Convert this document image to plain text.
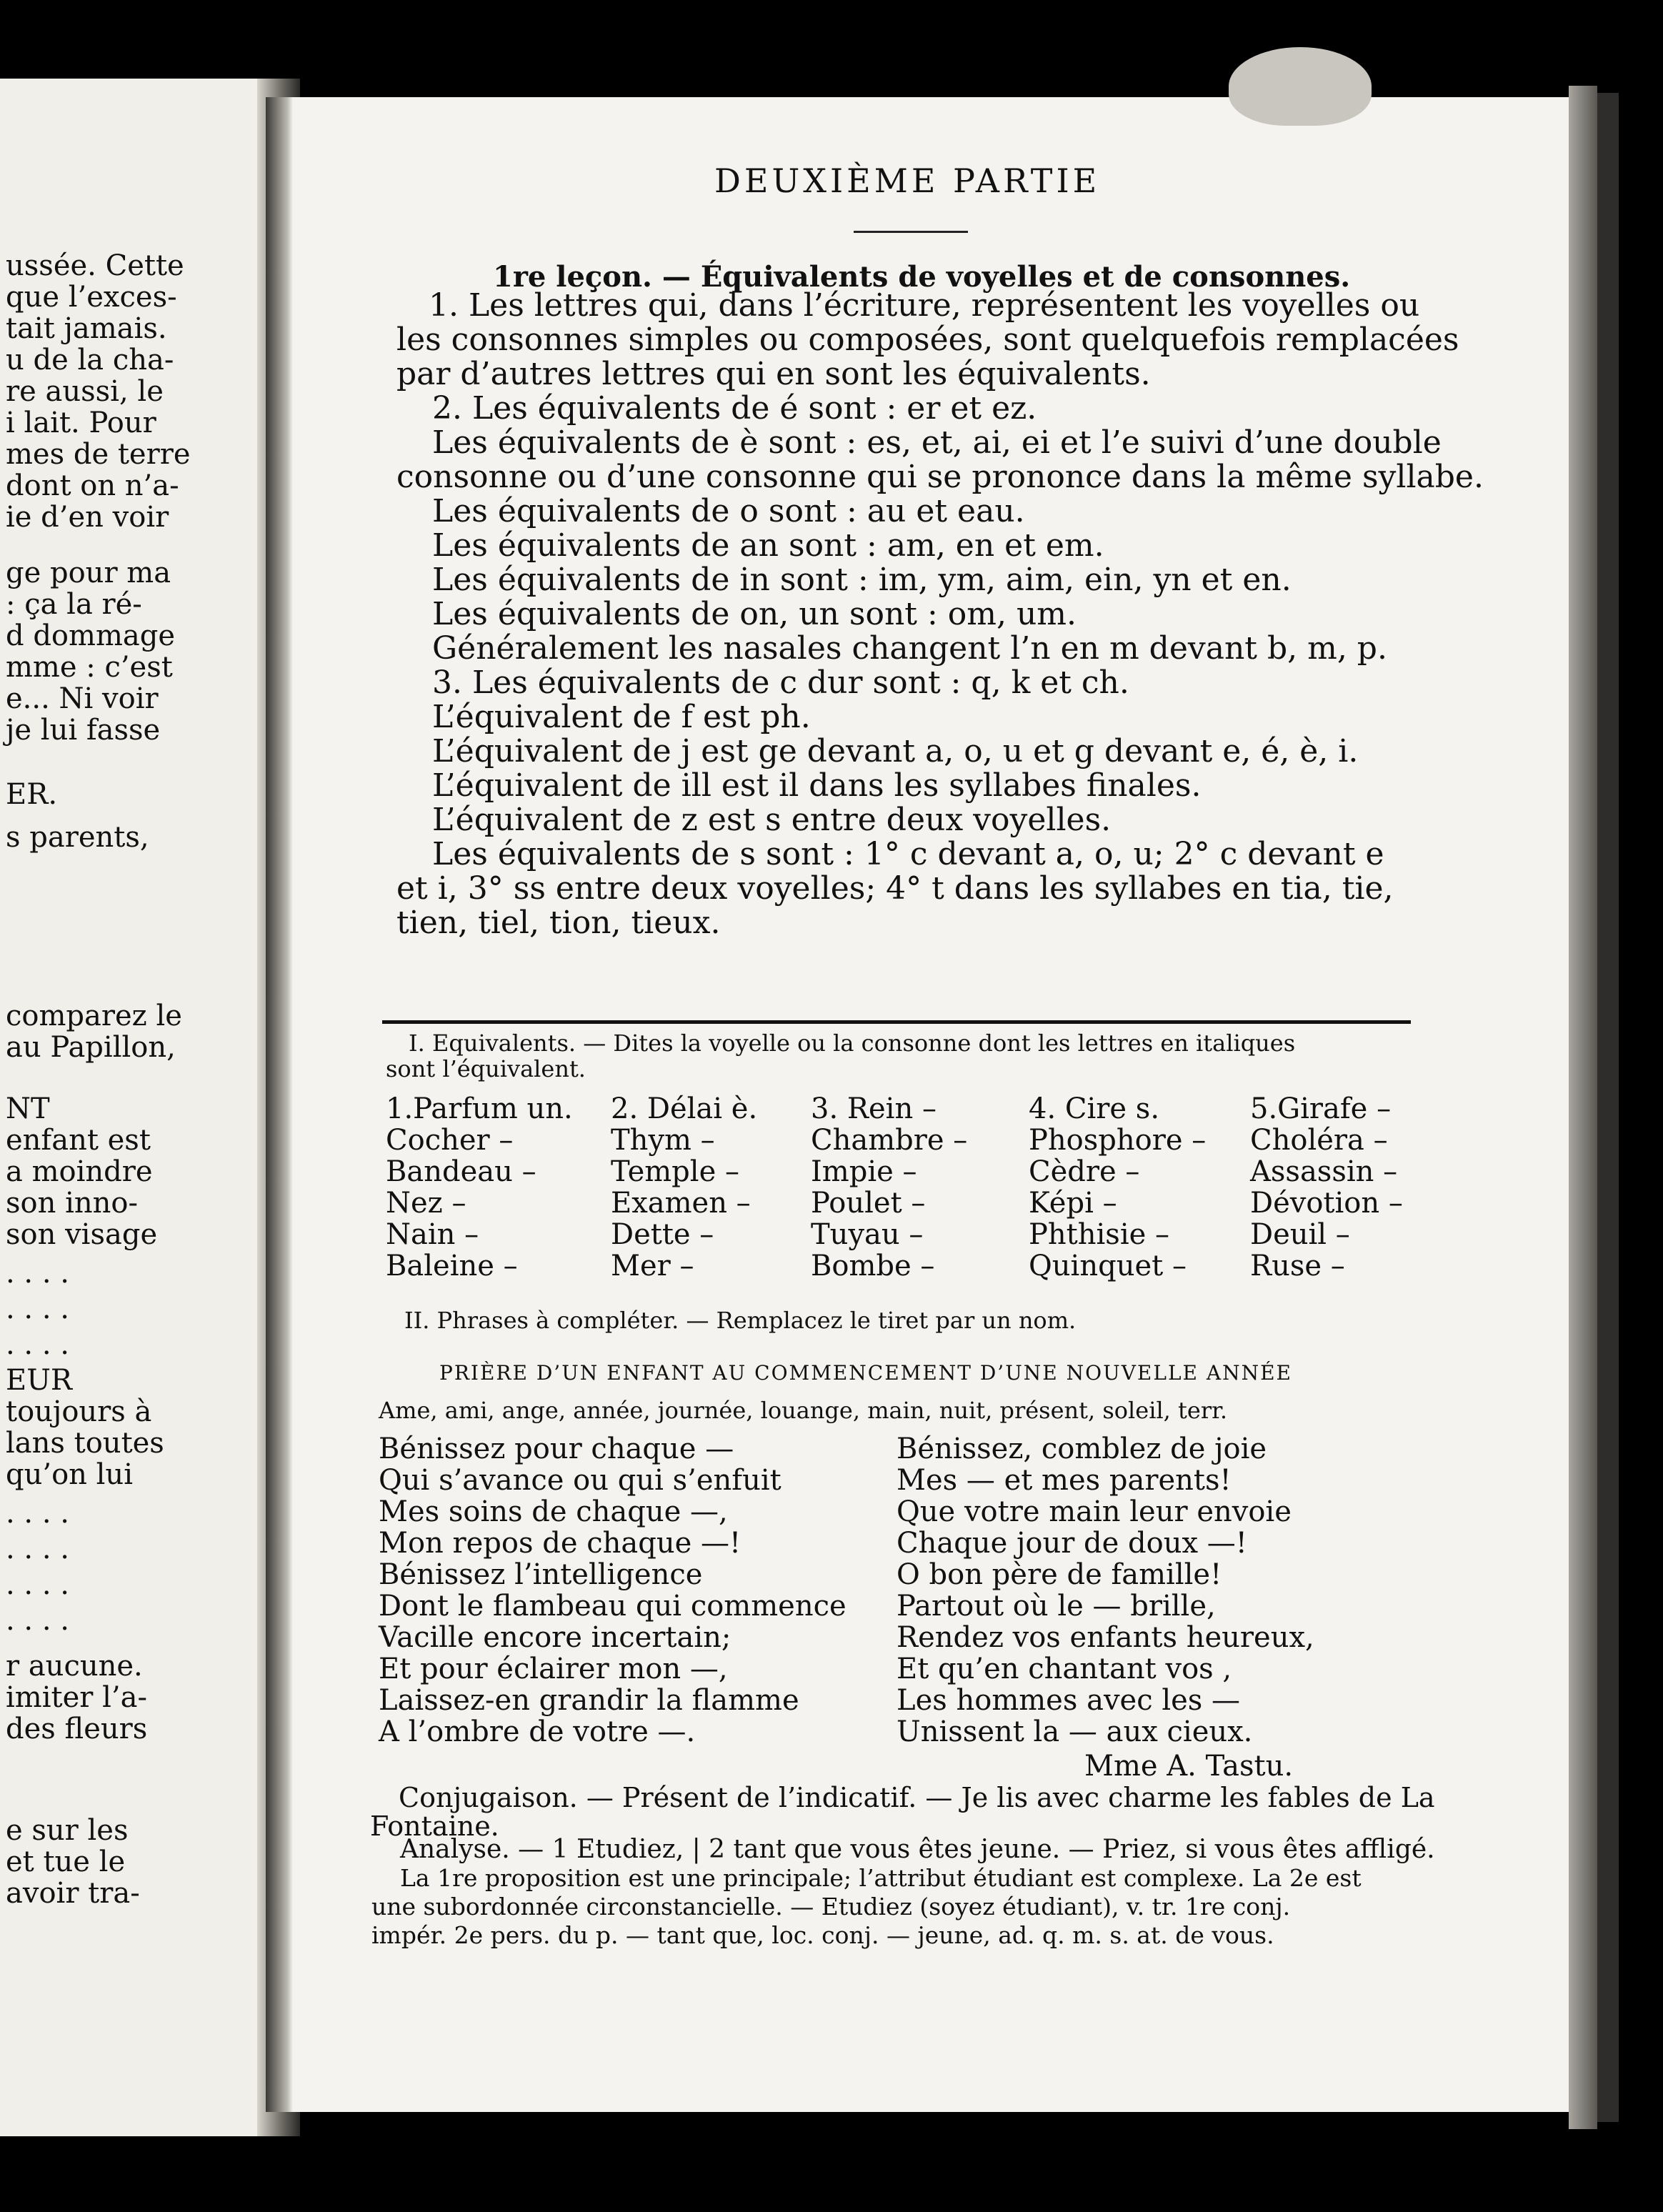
ussée. Cette
que l’exces-
tait jamais.
u de la cha-
re aussi, le
i lait. Pour
mes de terre
dont on n’a-
ie d’en voir
ge pour ma
: ça la ré-
d dommage
mme : c’est
e... Ni voir
je lui fasse
ER.
s parents,
comparez le
au Papillon,
NT
enfant est
a moindre
son inno-
son visage
. . . .
. . . .
. . . .
EUR
toujours à
lans toutes
qu’on lui
. . . .
. . . .
. . . .
. . . .
r aucune.
imiter l’a-
des fleurs
e sur les
et tue le
avoir tra-
DEUXIÈME PARTIE
1re leçon. — Équivalents de voyelles et de consonnes.
I. Equivalents. — Dites la voyelle ou la consonne dont les lettres en italiques
sont l’équivalent.
II. Phrases à compléter. — Remplacez le tiret par un nom.
PRIÈRE D’UN ENFANT AU COMMENCEMENT D’UNE NOUVELLE ANNÉE
Ame, ami, ange, année, journée, louange, main, nuit, présent, soleil, terr.
Mme A. Tastu.
Conjugaison. — Présent de l’indicatif. — Je lis avec charme les fables de La
Fontaine.
1. Les lettres qui, dans l’écriture, représentent les voyelles ou
les consonnes simples ou composées, sont quelquefois remplacées
par d’autres lettres qui en sont les équivalents.
2. Les équivalents de é sont : er et ez.
Les équivalents de è sont : es, et, ai, ei et l’e suivi d’une double
consonne ou d’une consonne qui se prononce dans la même syllabe.
Les équivalents de o sont : au et eau.
Les équivalents de an sont : am, en et em.
Les équivalents de in sont : im, ym, aim, ein, yn et en.
Les équivalents de on, un sont : om, um.
Généralement les nasales changent l’n en m devant b, m, p.
3. Les équivalents de c dur sont : q, k et ch.
L’équivalent de f est ph.
L’équivalent de j est ge devant a, o, u et g devant e, é, è, i.
L’équivalent de ill est il dans les syllabes finales.
L’équivalent de z est s entre deux voyelles.
Les équivalents de s sont : 1° c devant a, o, u; 2° c devant e
et i, 3° ss entre deux voyelles; 4° t dans les syllabes en tia, tie,
tien, tiel, tion, tieux.
1.Parfum un.
Cocher –
Bandeau –
Nez –
Nain –
Baleine –
2. Délai è.
Thym –
Temple –
Examen –
Dette –
Mer –
3. Rein –
Chambre –
Impie –
Poulet –
Tuyau –
Bombe –
4. Cire s.
Phosphore –
Cèdre –
Képi –
Phthisie –
Quinquet –
5.Girafe –
Choléra –
Assassin –
Dévotion –
Deuil –
Ruse –
Bénissez pour chaque —
Qui s’avance ou qui s’enfuit
Mes soins de chaque —,
Mon repos de chaque —!
Bénissez l’intelligence
Dont le flambeau qui commence
Vacille encore incertain;
Et pour éclairer mon —,
Laissez-en grandir la flamme
A l’ombre de votre —.
Bénissez, comblez de joie
Mes — et mes parents!
Que votre main leur envoie
Chaque jour de doux —!
O bon père de famille!
Partout où le — brille,
Rendez vos enfants heureux,
Et qu’en chantant vos ,
Les hommes avec les —
Unissent la — aux cieux.
Analyse. — 1 Etudiez, | 2 tant que vous êtes jeune. — Priez, si vous êtes affligé.
La 1re proposition est une principale; l’attribut étudiant est complexe. La 2e est
une subordonnée circonstancielle. — Etudiez (soyez étudiant), v. tr. 1re conj.
impér. 2e pers. du p. — tant que, loc. conj. — jeune, ad. q. m. s. at. de vous.
